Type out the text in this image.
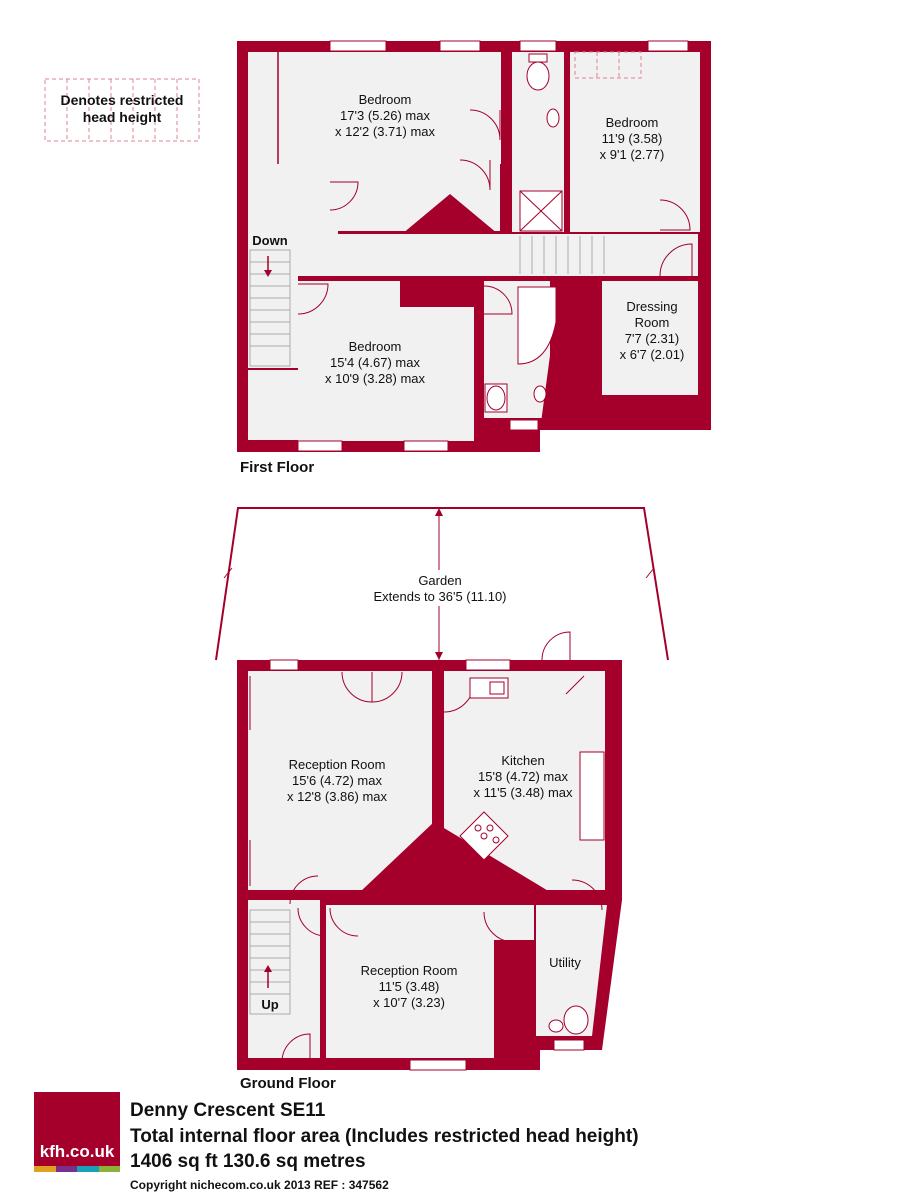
Denotes restricted
head height
Down
Bedroom
17'3 (5.26) max
x 12'2 (3.71) max
Bedroom
11'9 (3.58)
x 9'1 (2.77)
Dressing
Room
7'7 (2.31)
x 6'7 (2.01)
Bedroom
15'4 (4.67) max
x 10'9 (3.28) max
First Floor
Garden
Extends to 36'5 (11.10)
Up
Reception Room
15'6 (4.72) max
x 12'8 (3.86) max
Kitchen
15'8 (4.72) max
x 11'5 (3.48) max
Reception Room
11'5 (3.48)
x 10'7 (3.23)
Utility
Ground Floor
kfh.co.uk
Denny Crescent SE11
Total internal floor area (Includes restricted head height)
1406 sq ft 130.6 sq metres
Copyright nichecom.co.uk 2013 REF : 347562
